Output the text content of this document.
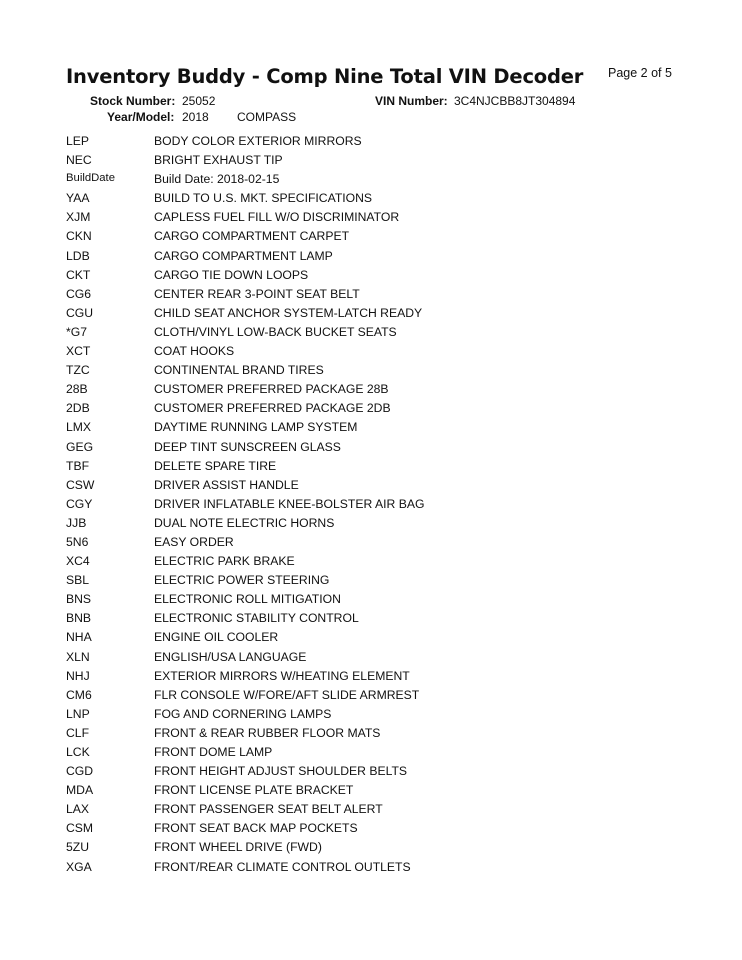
Inventory Buddy - Comp Nine Total VIN Decoder Page 2 of 5
Stock Number: 25052	VIN Number: 3C4NJCBB8JT304894
Year/Model: 2018 COMPASS
LEP	BODY COLOR EXTERIOR MIRRORS
NEC	BRIGHT EXHAUST TIP
BuildDate	Build Date: 2018-02-15
YAA	BUILD TO U.S. MKT. SPECIFICATIONS
XJM	CAPLESS FUEL FILL W/O DISCRIMINATOR
CKN	CARGO COMPARTMENT CARPET
LDB	CARGO COMPARTMENT LAMP
CKT	CARGO TIE DOWN LOOPS
CG6	CENTER REAR 3-POINT SEAT BELT
CGU	CHILD SEAT ANCHOR SYSTEM-LATCH READY
*G7	CLOTH/VINYL LOW-BACK BUCKET SEATS
XCT	COAT HOOKS
TZC	CONTINENTAL BRAND TIRES
28B	CUSTOMER PREFERRED PACKAGE 28B
2DB	CUSTOMER PREFERRED PACKAGE 2DB
LMX	DAYTIME RUNNING LAMP SYSTEM
GEG	DEEP TINT SUNSCREEN GLASS
TBF	DELETE SPARE TIRE
CSW	DRIVER ASSIST HANDLE
CGY	DRIVER INFLATABLE KNEE-BOLSTER AIR BAG
JJB	DUAL NOTE ELECTRIC HORNS
5N6	EASY ORDER
XC4	ELECTRIC PARK BRAKE
SBL	ELECTRIC POWER STEERING
BNS	ELECTRONIC ROLL MITIGATION
BNB	ELECTRONIC STABILITY CONTROL
NHA	ENGINE OIL COOLER
XLN	ENGLISH/USA LANGUAGE
NHJ	EXTERIOR MIRRORS W/HEATING ELEMENT
CM6	FLR CONSOLE W/FORE/AFT SLIDE ARMREST
LNP	FOG AND CORNERING LAMPS
CLF	FRONT & REAR RUBBER FLOOR MATS
LCK	FRONT DOME LAMP
CGD	FRONT HEIGHT ADJUST SHOULDER BELTS
MDA	FRONT LICENSE PLATE BRACKET
LAX	FRONT PASSENGER SEAT BELT ALERT
CSM	FRONT SEAT BACK MAP POCKETS
5ZU	FRONT WHEEL DRIVE (FWD)
XGA	FRONT/REAR CLIMATE CONTROL OUTLETS
